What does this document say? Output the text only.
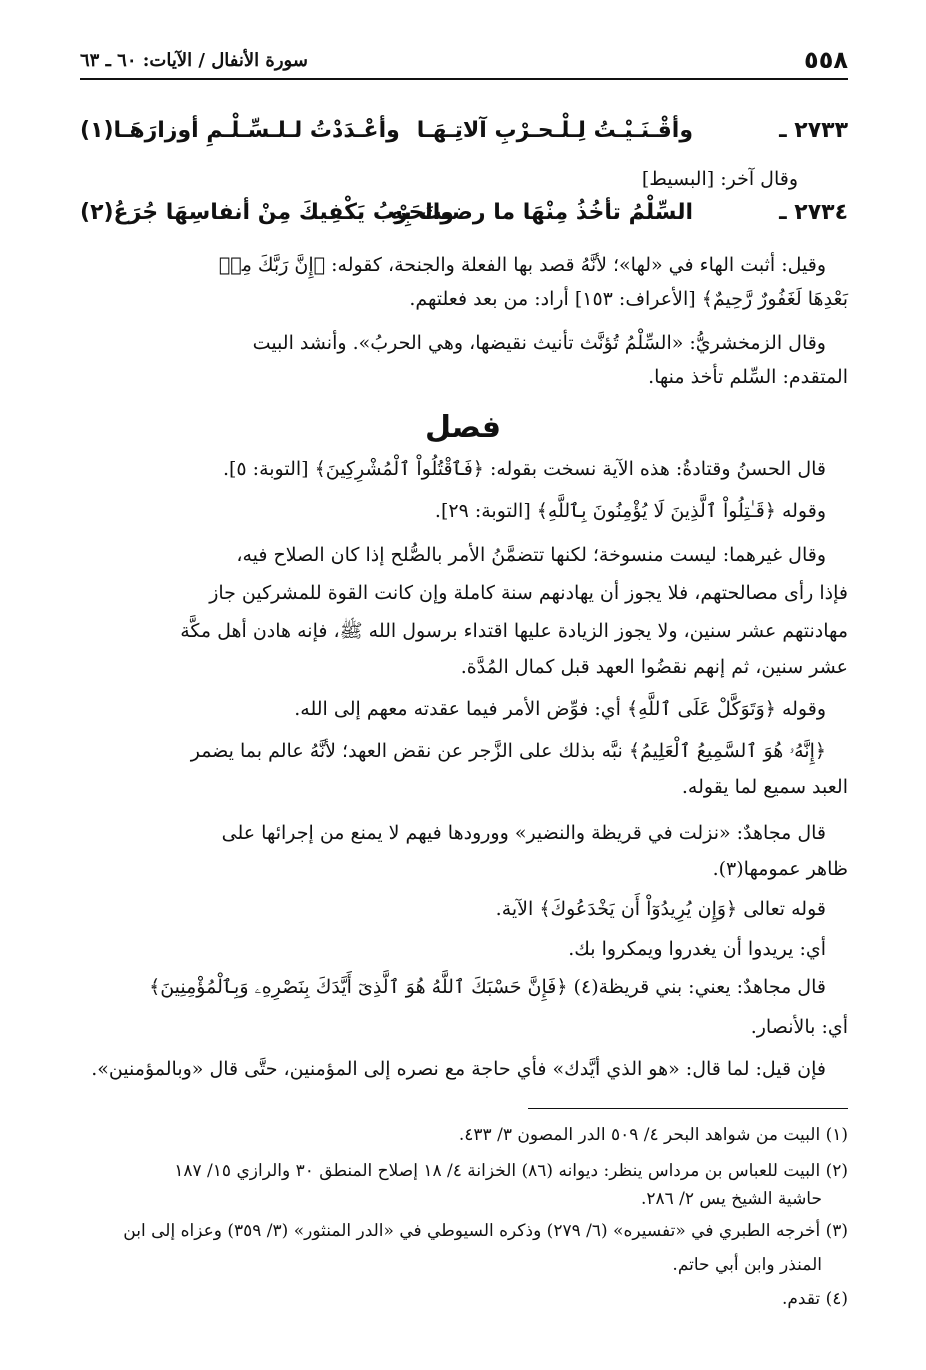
٥٥٨
سورة الأنفال / الآيات: ٦٠ ـ ٦٣
٢٧٣٣ ـ
وأقْـنَـيْـتُ لِـلْـحـرْبِ آلاتِـهَـا
وأعْـدَدْتُ لـلـسِّـلْـمِ أوزارَهَـا(١)
وقال آخر: [البسيط]
٢٧٣٤ ـ
السِّلْمُ تأخُذُ مِنْهَا ما رضيتَ بِهِ
والحَرْبُ يَكْفِيكَ مِنْ أنفاسِهَا جُرَعُ(٢)
وقيل: أثبت الهاء في «لها»؛ لأنَّهُ قصد بها الفعلة والجنحة، كقوله: ﴿إِنَّ رَبَّكَ مِنۢ
بَعْدِهَا لَغَفُورٌ رَّحِيمٌ﴾ [الأعراف: ١٥٣] أراد: من بعد فعلتهم.
وقال الزمخشريُّ: «السِّلْمُ تُؤنَّث تأنيث نقيضها، وهي الحربُ». وأنشد البيت
المتقدم: السِّلم تأخذ منها.
فصل
قال الحسنُ وقتادةُ: هذه الآية نسخت بقوله: ﴿فَٱقْتُلُواْ ٱلْمُشْرِكِينَ﴾ [التوبة: ٥].
وقوله ﴿قَـٰتِلُواْ ٱلَّذِينَ لَا يُؤْمِنُونَ بِٱللَّهِ﴾ [التوبة: ٢٩].
وقال غيرهما: ليست منسوخة؛ لكنها تتضمَّنُ الأمر بالصُّلح إذا كان الصلاح فيه،
فإذا رأى مصالحتهم، فلا يجوز أن يهادنهم سنة كاملة وإن كانت القوة للمشركين جاز
مهادنتهم عشر سنين، ولا يجوز الزيادة عليها اقتداء برسول الله ﷺ، فإنه هادن أهل مكَّة
عشر سنين، ثم إنهم نقضُوا العهد قبل كمال المُدَّة.
وقوله ﴿وَتَوَكَّلْ عَلَى ٱللَّهِ﴾ أي: فوِّض الأمر فيما عقدته معهم إلى الله.
﴿إِنَّهُۥ هُوَ ٱلسَّمِيعُ ٱلْعَلِيمُ﴾ نبَّه بذلك على الزَّجر عن نقض العهد؛ لأنَّهُ عالم بما يضمر
العبد سميع لما يقوله.
قال مجاهدٌ: «نزلت في قريظة والنضير» وورودها فيهم لا يمنع من إجرائها على
ظاهر عمومها(٣).
قوله تعالى ﴿وَإِن يُرِيدُوٓاْ أَن يَخْدَعُوكَ﴾ الآية.
أي: يريدوا أن يغدروا ويمكروا بك.
قال مجاهدٌ: يعني: بني قريظة(٤) ﴿فَإِنَّ حَسْبَكَ ٱللَّهُ هُوَ ٱلَّذِىٓ أَيَّدَكَ بِنَصْرِهِۦ وَبِٱلْمُؤْمِنِينَ﴾
أي: بالأنصار.
فإن قيل: لما قال: «هو الذي أيَّدك» فأي حاجة مع نصره إلى المؤمنين، حتَّى قال «وبالمؤمنين».
(١) البيت من شواهد البحر ٤/ ٥٠٩ الدر المصون ٣/ ٤٣٣.
(٢) البيت للعباس بن مرداس ينظر: ديوانه (٨٦) الخزانة ٤/ ١٨ إصلاح المنطق ٣٠ والرازي ١٥/ ١٨٧
حاشية الشيخ يس ٢/ ٢٨٦.
(٣) أخرجه الطبري في «تفسيره» (٦/ ٢٧٩) وذكره السيوطي في «الدر المنثور» (٣/ ٣٥٩) وعزاه إلى ابن
المنذر وابن أبي حاتم.
(٤) تقدم.
